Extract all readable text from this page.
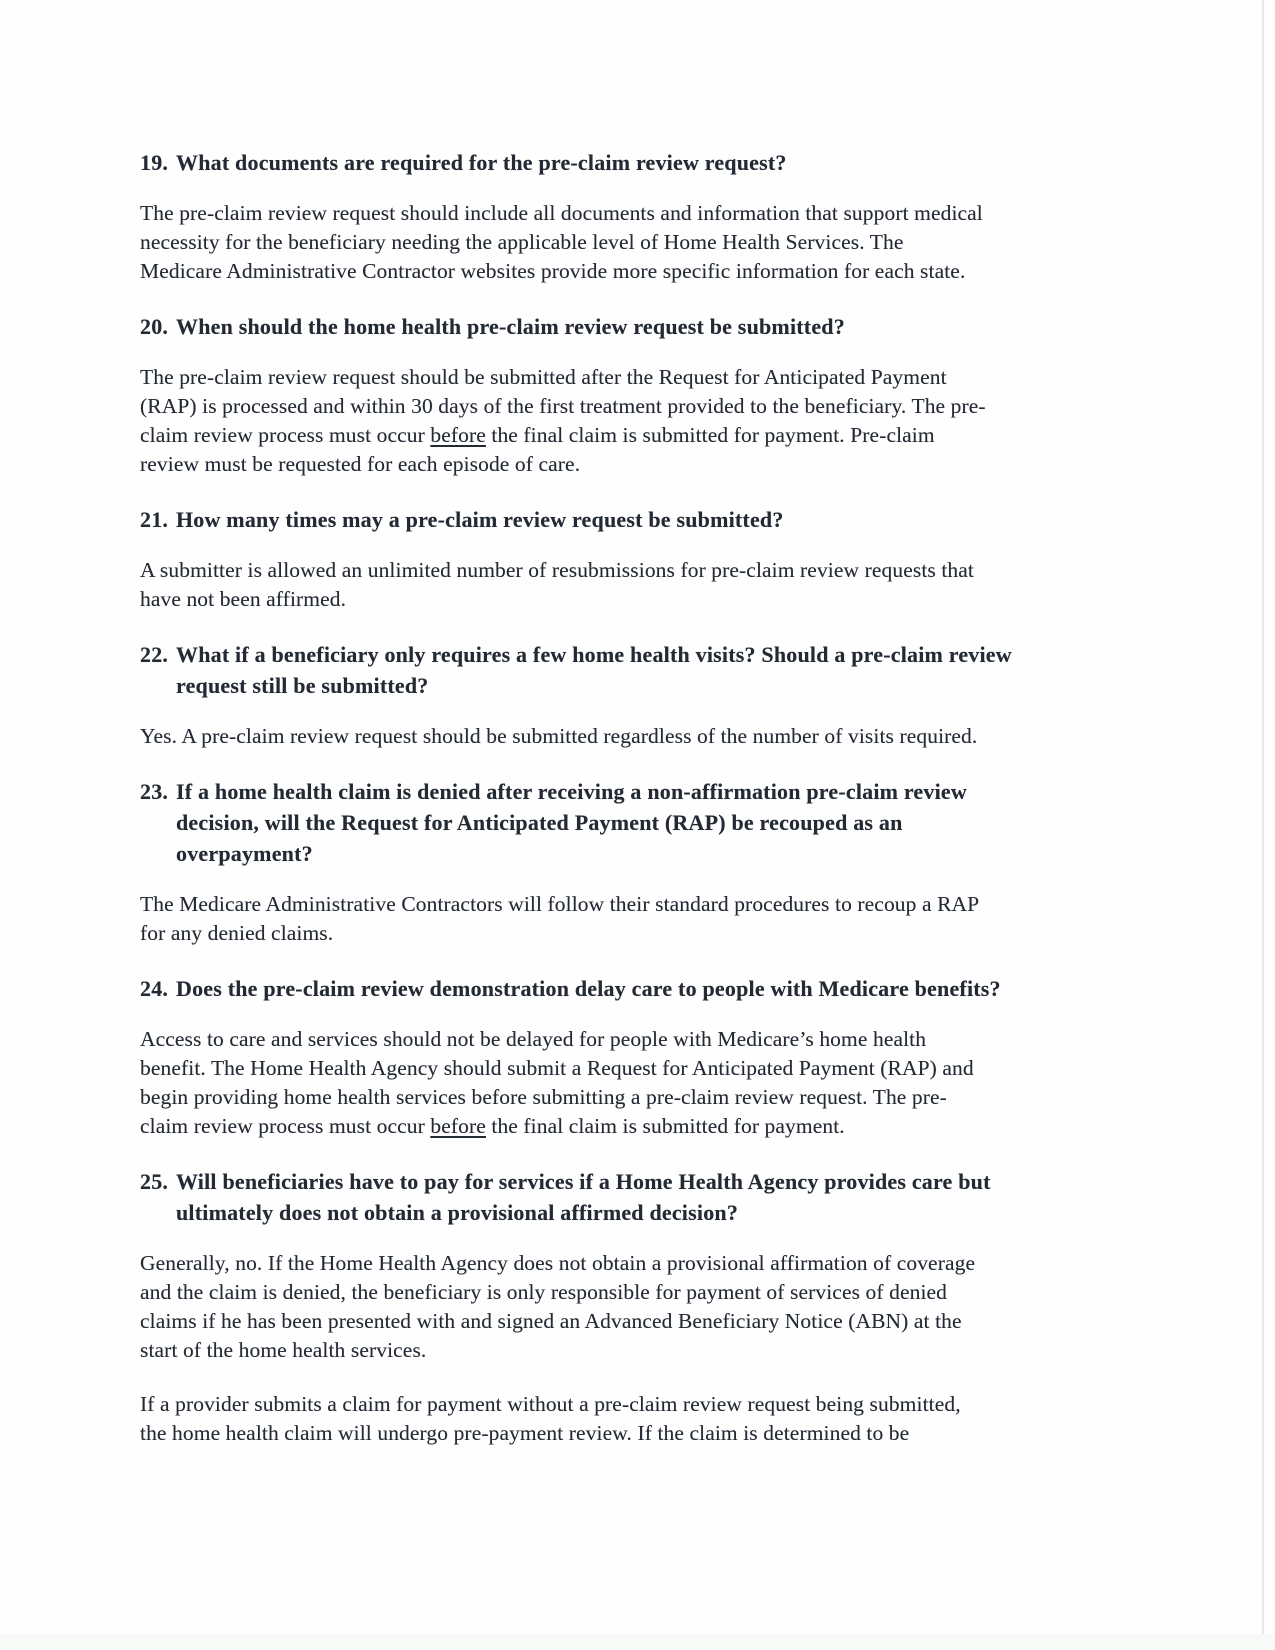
19. What documents are required for the pre-claim review request?
The pre-claim review request should include all documents and information that support medical
necessity for the beneficiary needing the applicable level of Home Health Services. The
Medicare Administrative Contractor websites provide more specific information for each state.
20. When should the home health pre-claim review request be submitted?
The pre-claim review request should be submitted after the Request for Anticipated Payment
(RAP) is processed and within 30 days of the first treatment provided to the beneficiary. The pre-
claim review process must occur before the final claim is submitted for payment. Pre-claim
review must be requested for each episode of care.
21. How many times may a pre-claim review request be submitted?
A submitter is allowed an unlimited number of resubmissions for pre-claim review requests that
have not been affirmed.
22. What if a beneficiary only requires a few home health visits? Should a pre-claim review
request still be submitted?
Yes. A pre-claim review request should be submitted regardless of the number of visits required.
23. If a home health claim is denied after receiving a non-affirmation pre-claim review
decision, will the Request for Anticipated Payment (RAP) be recouped as an
overpayment?
The Medicare Administrative Contractors will follow their standard procedures to recoup a RAP
for any denied claims.
24. Does the pre-claim review demonstration delay care to people with Medicare benefits?
Access to care and services should not be delayed for people with Medicare’s home health
benefit. The Home Health Agency should submit a Request for Anticipated Payment (RAP) and
begin providing home health services before submitting a pre-claim review request. The pre-
claim review process must occur before the final claim is submitted for payment.
25. Will beneficiaries have to pay for services if a Home Health Agency provides care but
ultimately does not obtain a provisional affirmed decision?
Generally, no. If the Home Health Agency does not obtain a provisional affirmation of coverage
and the claim is denied, the beneficiary is only responsible for payment of services of denied
claims if he has been presented with and signed an Advanced Beneficiary Notice (ABN) at the
start of the home health services.
If a provider submits a claim for payment without a pre-claim review request being submitted,
the home health claim will undergo pre-payment review. If the claim is determined to be
